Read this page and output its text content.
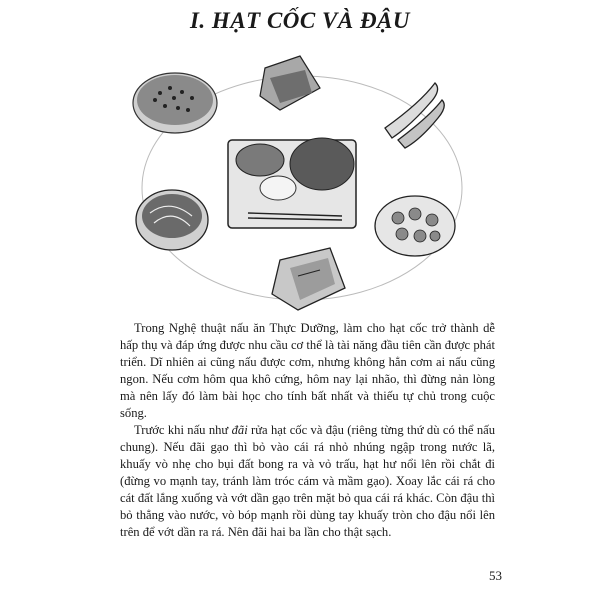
I. HẠT CỐC VÀ ĐẬU

Trong Nghệ thuật nấu ăn Thực Dưỡng, làm cho hạt cốc trở thành dễ hấp thụ và đáp ứng được nhu cầu cơ thể là tài năng đầu tiên cần được phát triển. Dĩ nhiên ai cũng nấu được cơm, nhưng không hẳn cơm ai nấu cũng ngon. Nếu cơm hôm qua khô cứng, hôm nay lại nhão, thì đừng nản lòng mà nên lấy đó làm bài học cho tính bất nhất và thiếu tự chủ trong cuộc sống.

Trước khi nấu như đãi rửa hạt cốc và đậu (riêng từng thứ dù có thể nấu chung). Nếu đãi gạo thì bỏ vào cái rá nhỏ nhúng ngập trong nước lã, khuấy vò nhẹ cho bụi đất bong ra và vỏ trấu, hạt hư nổi lên rồi chắt đi (đừng vo mạnh tay, tránh làm tróc cám và mầm gạo). Xoay lắc cái rá cho cát đất lắng xuống và vớt dần gạo trên mặt bỏ qua cái rá khác. Còn đậu thì bỏ thẳng vào nước, vò bóp mạnh rồi dùng tay khuấy tròn cho đậu nổi lên trên để vớt dần ra rá. Nên đãi hai ba lần cho thật sạch.

53
